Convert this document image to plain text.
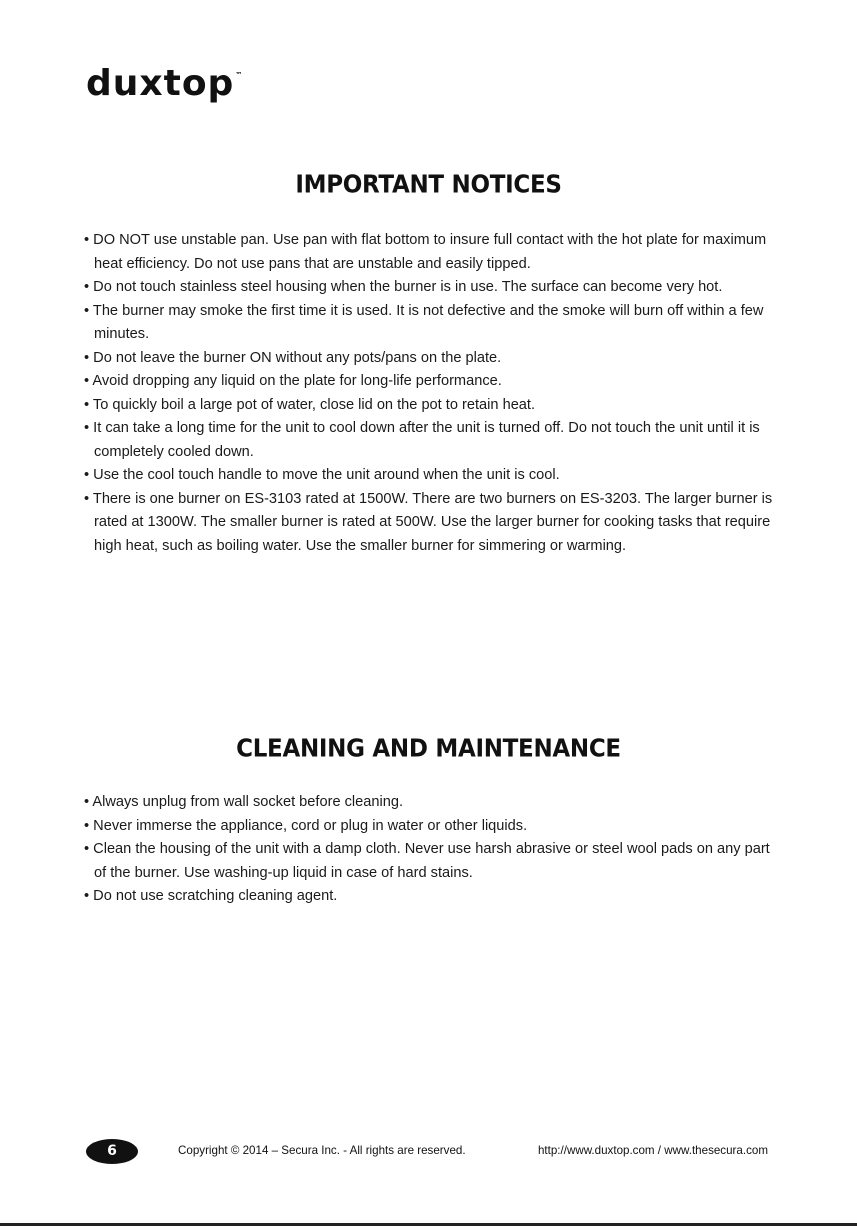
duxtop™
IMPORTANT NOTICES
• DO NOT use unstable pan. Use pan with flat bottom to insure full contact with the hot plate for maximum heat efficiency. Do not use pans that are unstable and easily tipped.
• Do not touch stainless steel housing when the burner is in use. The surface can become very hot.
• The burner may smoke the first time it is used. It is not defective and the smoke will burn off within a few minutes.
• Do not leave the burner ON without any pots/pans on the plate.
• Avoid dropping any liquid on the plate for long-life performance.
• To quickly boil a large pot of water, close lid on the pot to retain heat.
• It can take a long time for the unit to cool down after the unit is turned off. Do not touch the unit until it is completely cooled down.
• Use the cool touch handle to move the unit around when the unit is cool.
• There is one burner on ES-3103 rated at 1500W. There are two burners on ES-3203. The larger burner is rated at 1300W. The smaller burner is rated at 500W. Use the larger burner for cooking tasks that require high heat, such as boiling water. Use the smaller burner for simmering or warming.
CLEANING AND MAINTENANCE
• Always unplug from wall socket before cleaning.
• Never immerse the appliance, cord or plug in water or other liquids.
• Clean the housing of the unit with a damp cloth. Never use harsh abrasive or steel wool pads on any part of the burner. Use washing-up liquid in case of hard stains.
• Do not use scratching cleaning agent.
6	Copyright © 2014 – Secura Inc. - All rights are reserved.	http://www.duxtop.com / www.thesecura.com
